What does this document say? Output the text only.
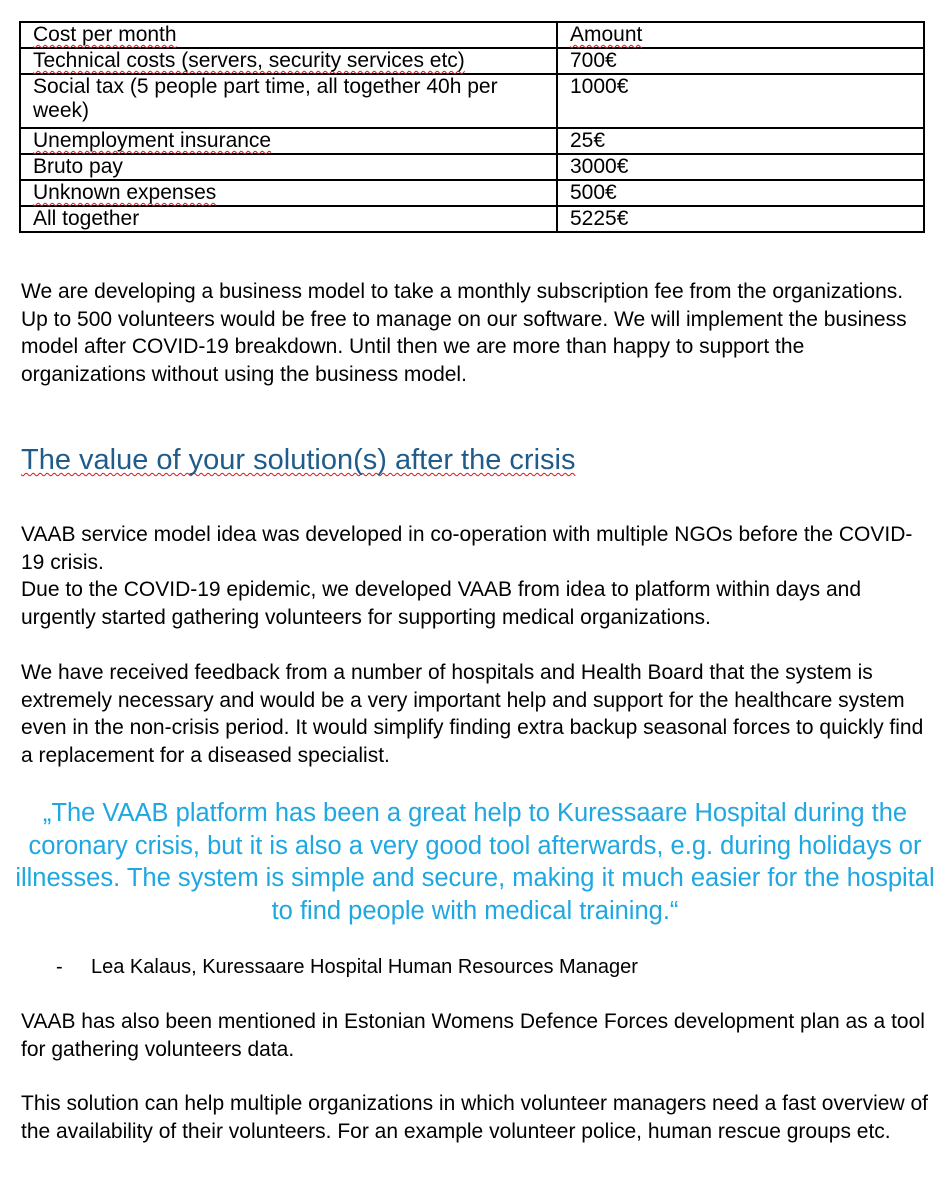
Cost per month	Amount
Technical costs (servers, security services etc)	700€
Social tax (5 people part time, all together 40h per week)	1000€
Unemployment insurance	25€
Bruto pay	3000€
Unknown expenses	500€
All together	5225€

We are developing a business model to take a monthly subscription fee from the organizations. Up to 500 volunteers would be free to manage on our software. We will implement the business model after COVID-19 breakdown. Until then we are more than happy to support the organizations without using the business model.

The value of your solution(s) after the crisis

VAAB service model idea was developed in co-operation with multiple NGOs before the COVID-19 crisis.

Due to the COVID-19 epidemic, we developed VAAB from idea to platform within days and urgently started gathering volunteers for supporting medical organizations.

We have received feedback from a number of hospitals and Health Board that the system is extremely necessary and would be a very important help and support for the healthcare system even in the non-crisis period. It would simplify finding extra backup seasonal forces to quickly find a replacement for a diseased specialist.

„The VAAB platform has been a great help to Kuressaare Hospital during the coronary crisis, but it is also a very good tool afterwards, e.g. during holidays or illnesses. The system is simple and secure, making it much easier for the hospital to find people with medical training.“

- Lea Kalaus, Kuressaare Hospital Human Resources Manager

VAAB has also been mentioned in Estonian Womens Defence Forces development plan as a tool for gathering volunteers data.

This solution can help multiple organizations in which volunteer managers need a fast overview of the availability of their volunteers. For an example volunteer police, human rescue groups etc.
